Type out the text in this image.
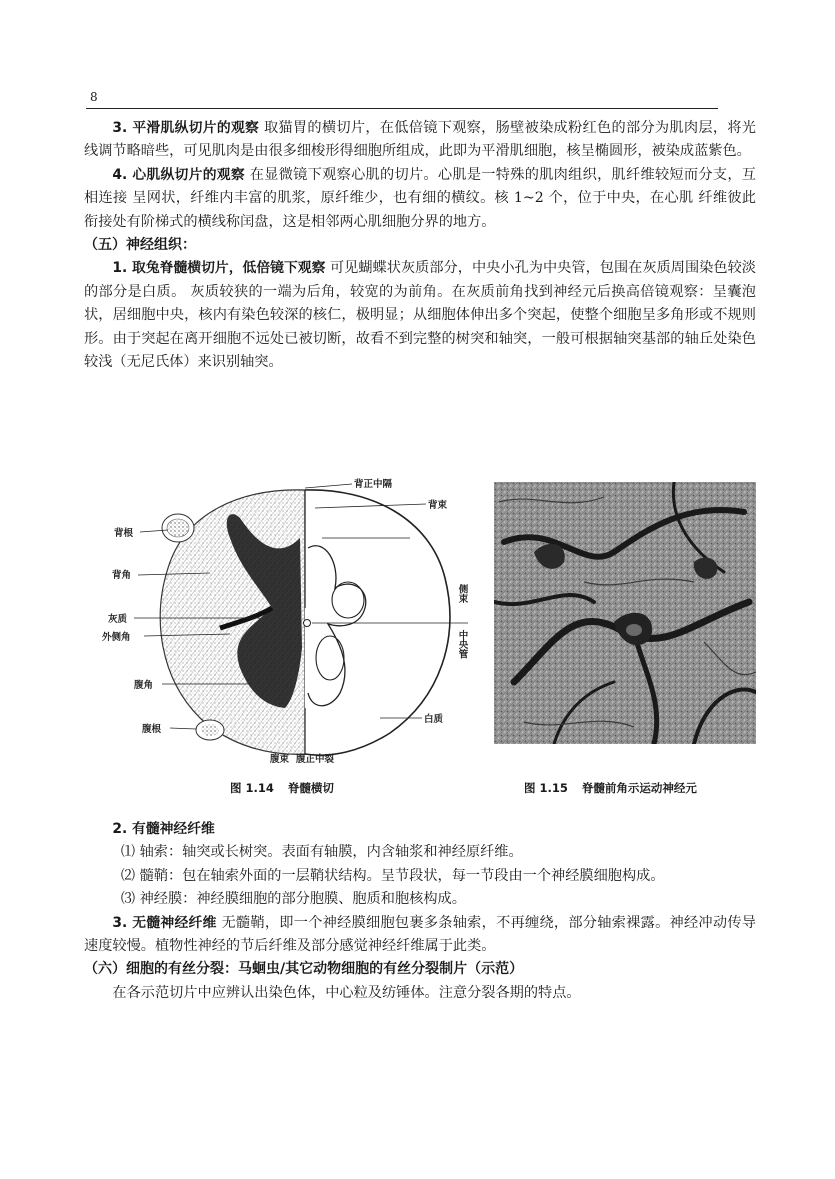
8

3. 平滑肌纵切片的观察 取猫胃的横切片，在低倍镜下观察，肠壁被染成粉红色的部分为肌肉层，将光线调节略暗些，可见肌肉是由很多细梭形得细胞所组成，此即为平滑肌细胞，核呈椭圆形，被染成蓝紫色。

4. 心肌纵切片的观察 在显微镜下观察心肌的切片。心肌是一特殊的肌肉组织，肌纤维较短而分支，互相连接 呈网状，纤维内丰富的肌浆，原纤维少，也有细的横纹。核 1~2 个，位于中央，在心肌 纤维彼此衔接处有阶梯式的横线称闰盘，这是相邻两心肌细胞分界的地方。

（五）神经组织：

1. 取兔脊髓横切片，低倍镜下观察 可见蝴蝶状灰质部分，中央小孔为中央管，包围在灰质周围染色较淡的部分是白质。 灰质较狭的一端为后角，较宽的为前角。在灰质前角找到神经元后换高倍镜观察：呈囊泡状，居细胞中央，核内有染色较深的核仁，极明显；从细胞体伸出多个突起，使整个细胞呈多角形或不规则形。由于突起在离开细胞不远处已被切断，故看不到完整的树突和轴突，一般可根据轴突基部的轴丘处染色较浅（无尼氏体）来识别轴突。

背正中隔
背束
背根
背角
灰质
外侧角
腹角
腹根
白质
腹束 腹正中裂
侧束
中央管
图 1.14 脊髓横切	图 1.15 脊髓前角示运动神经元

2. 有髓神经纤维

⑴ 轴索：轴突或长树突。表面有轴膜，内含轴浆和神经原纤维。

⑵ 髓鞘：包在轴索外面的一层鞘状结构。呈节段状，每一节段由一个神经膜细胞构成。

⑶ 神经膜：神经膜细胞的部分胞膜、胞质和胞核构成。

3. 无髓神经纤维 无髓鞘，即一个神经膜细胞包裹多条轴索，不再缠绕，部分轴索裸露。神经冲动传导速度较慢。植物性神经的节后纤维及部分感觉神经纤维属于此类。

（六）细胞的有丝分裂：马蛔虫/其它动物细胞的有丝分裂制片（示范）

在各示范切片中应辨认出染色体，中心粒及纺锤体。注意分裂各期的特点。
